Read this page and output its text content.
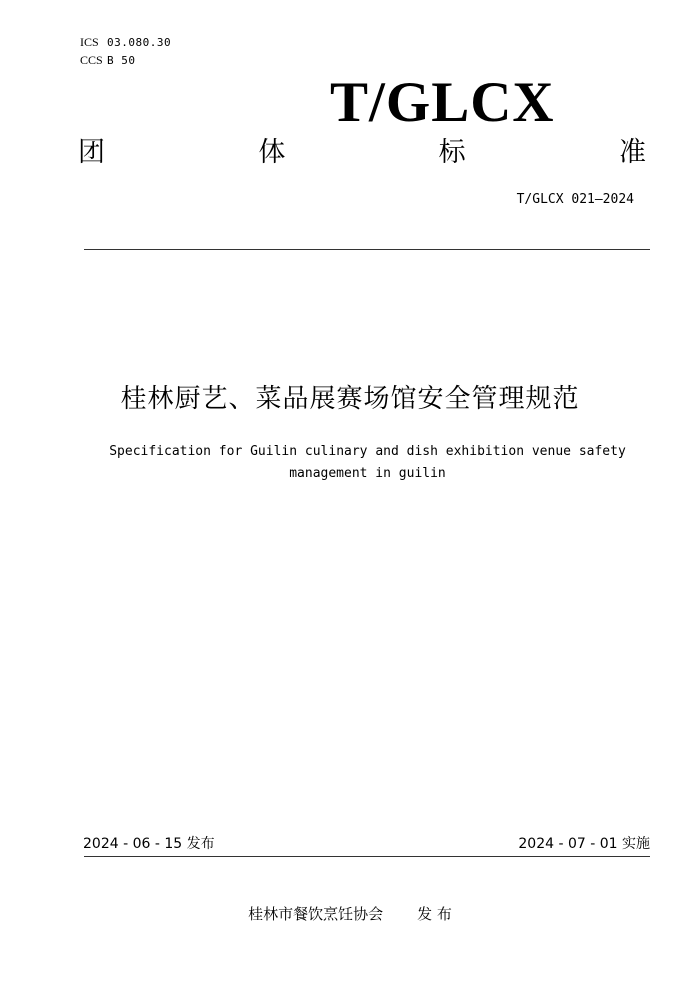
ICS 03.080.30
CCS B 50
T/GLCX
团	体	标	准
T/GLCX 021—2024
桂林厨艺、菜品展赛场馆安全管理规范
Specification for Guilin culinary and dish exhibition venue safety
management in guilin
2024 - 06 - 15 发布	2024 - 07 - 01 实施
桂林市餐饮烹饪协会 发 布
